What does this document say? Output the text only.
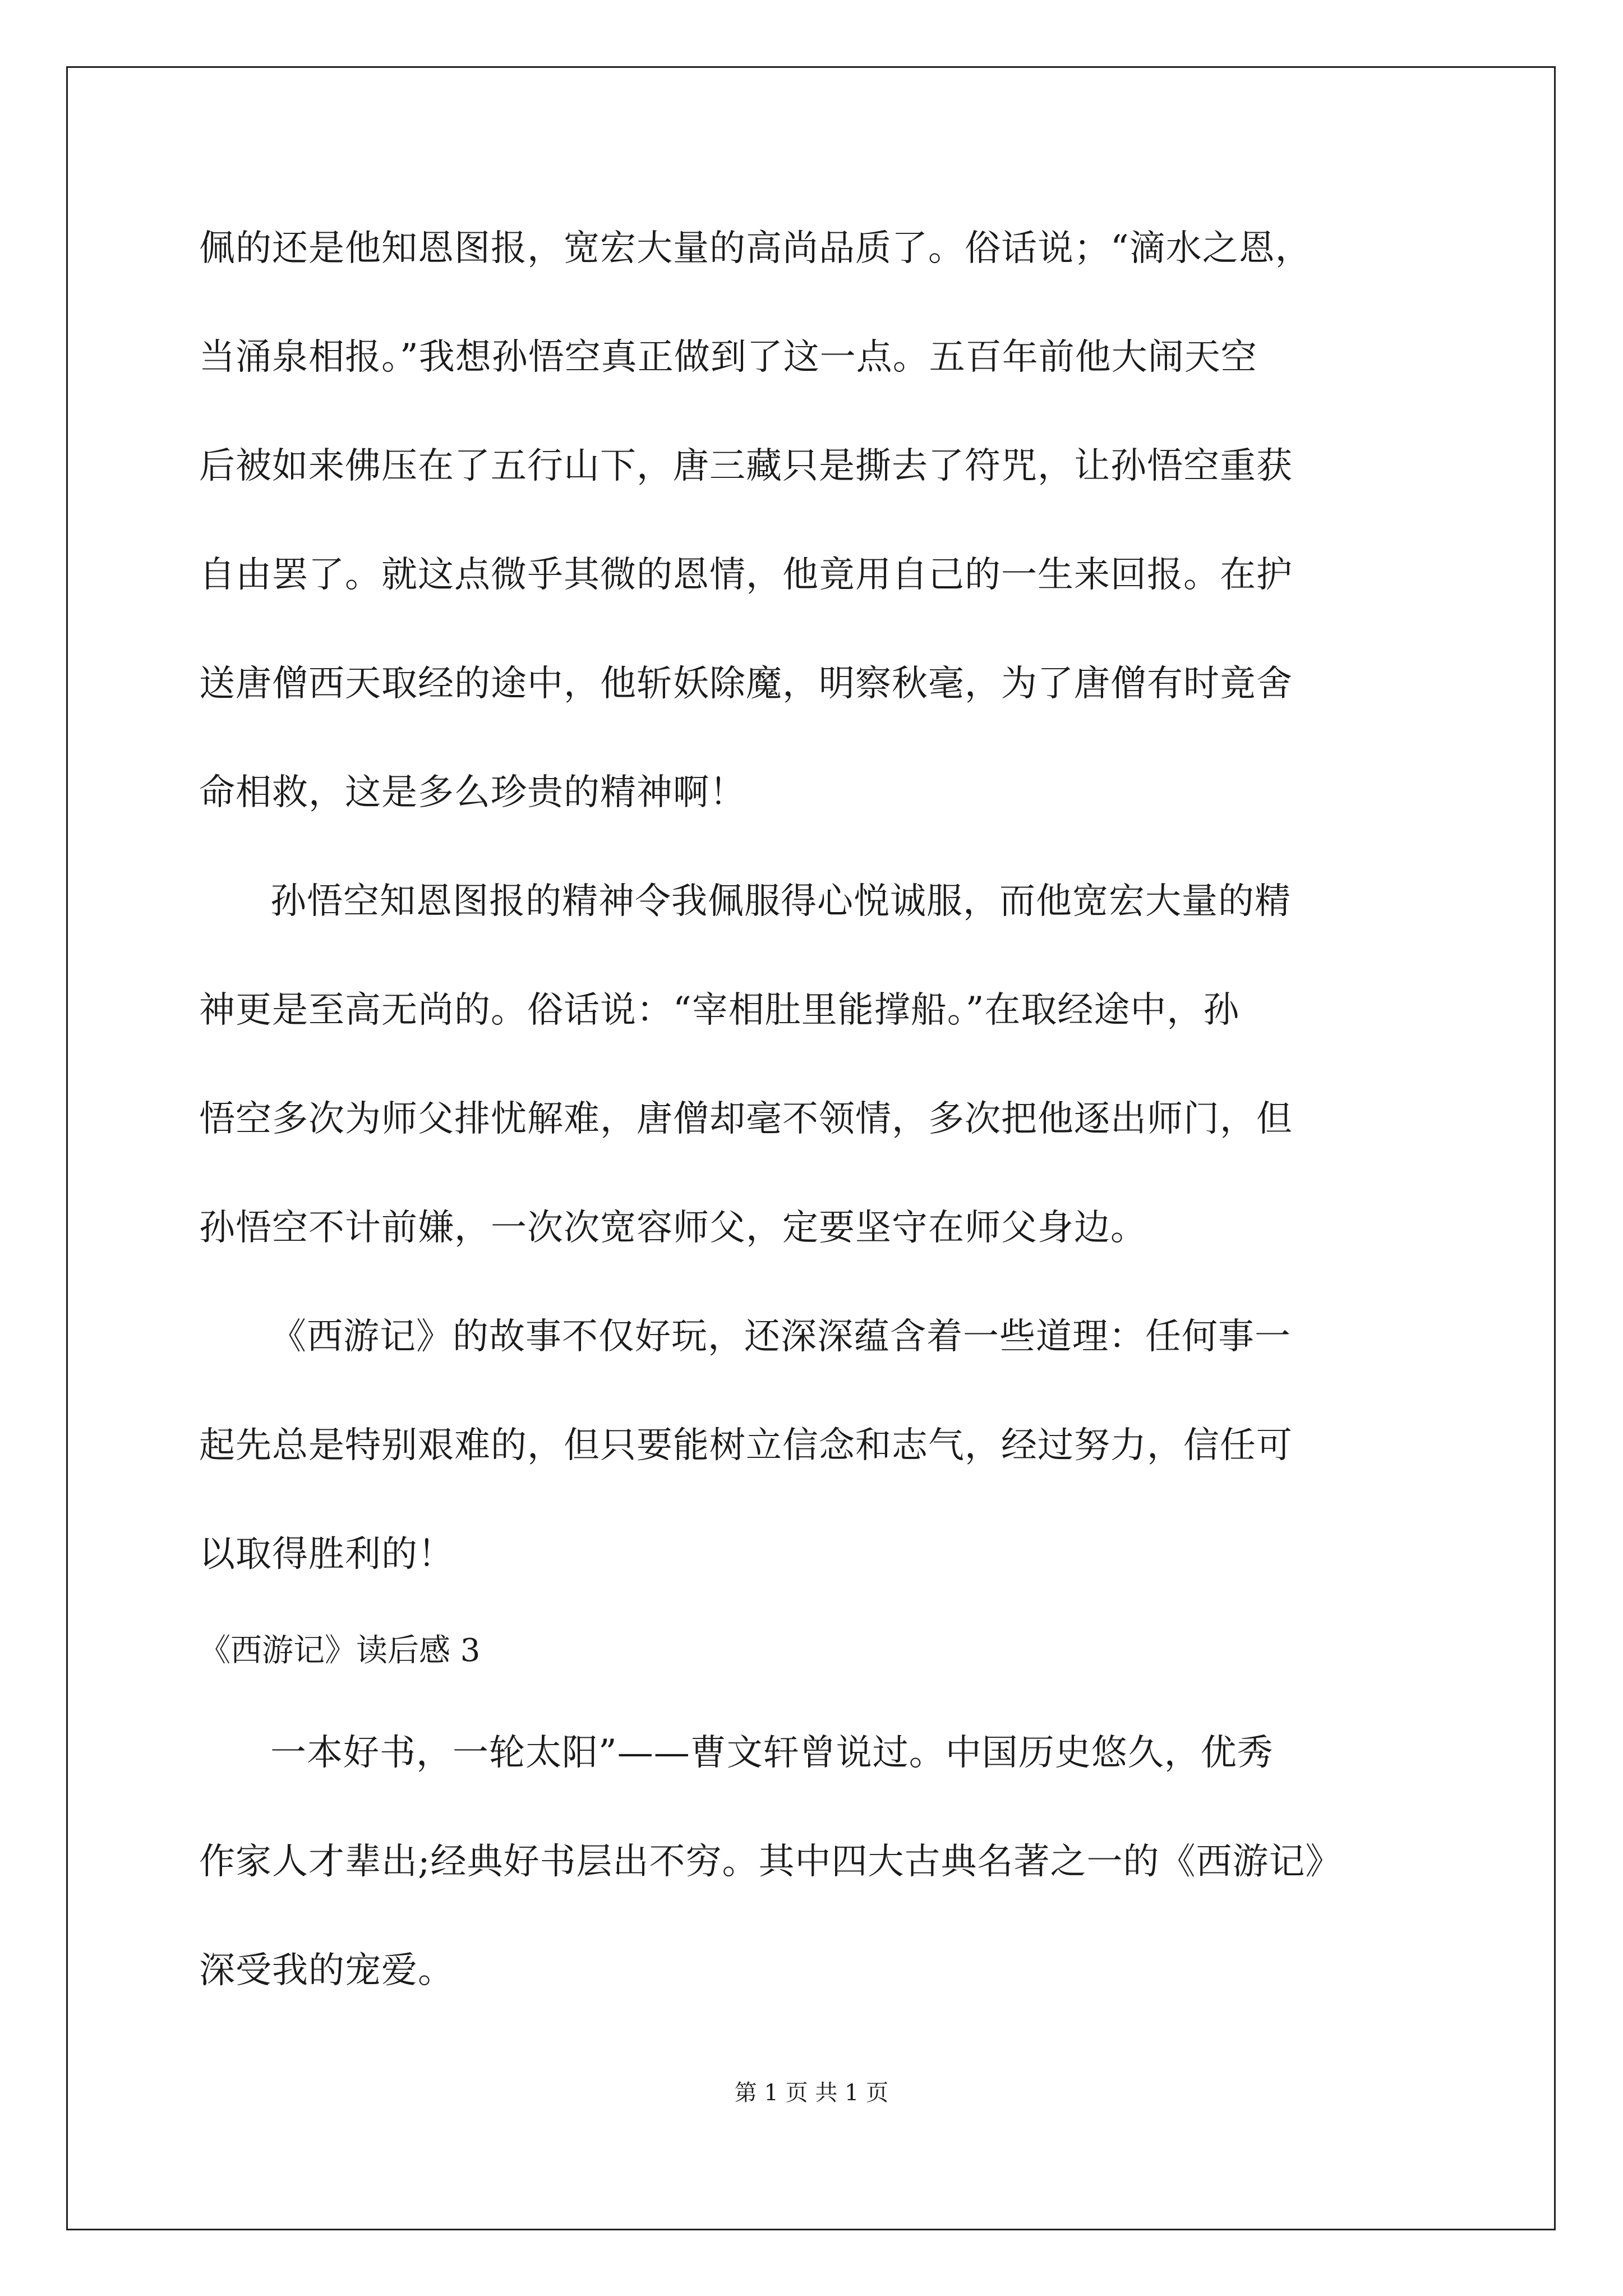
佩的还是他知恩图报，宽宏大量的高尚品质了。俗话说；“滴水之恩，
当涌泉相报。”我想孙悟空真正做到了这一点。五百年前他大闹天空
后被如来佛压在了五行山下，唐三藏只是撕去了符咒，让孙悟空重获
自由罢了。就这点微乎其微的恩情，他竟用自己的一生来回报。在护
送唐僧西天取经的途中，他斩妖除魔，明察秋毫，为了唐僧有时竟舍
命相救，这是多么珍贵的精神啊！
孙悟空知恩图报的精神令我佩服得心悦诚服，而他宽宏大量的精
神更是至高无尚的。俗话说：“宰相肚里能撑船。”在取经途中，孙
悟空多次为师父排忧解难，唐僧却毫不领情，多次把他逐出师门，但
孙悟空不计前嫌，一次次宽容师父，定要坚守在师父身边。
《西游记》的故事不仅好玩，还深深蕴含着一些道理：任何事一
起先总是特别艰难的，但只要能树立信念和志气，经过努力，信任可
以取得胜利的！
《西游记》读后感 3
一本好书，一轮太阳”——曹文轩曾说过。中国历史悠久，优秀
作家人才辈出;经典好书层出不穷。其中四大古典名著之一的《西游记》
深受我的宠爱。
第 1 页 共 1 页
